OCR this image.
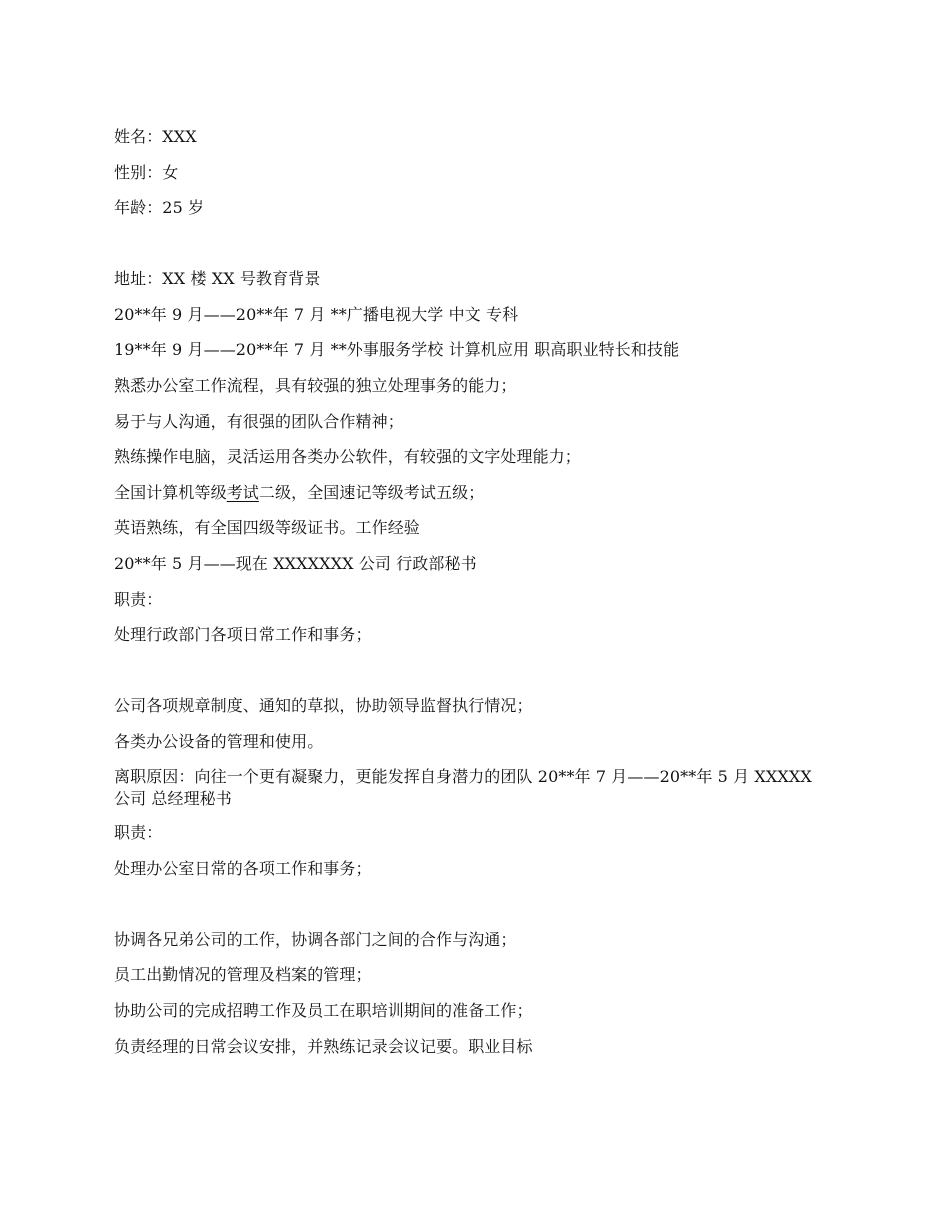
姓名：XXX
性别：女
年龄：25 岁
地址：XX 楼 XX 号教育背景
20**年 9 月——20**年 7 月 **广播电视大学 中文 专科
19**年 9 月——20**年 7 月 **外事服务学校 计算机应用 职高职业特长和技能
熟悉办公室工作流程，具有较强的独立处理事务的能力；
易于与人沟通，有很强的团队合作精神；
熟练操作电脑，灵活运用各类办公软件，有较强的文字处理能力；
全国计算机等级考试二级，全国速记等级考试五级；
英语熟练，有全国四级等级证书。工作经验
20**年 5 月——现在 XXXXXXX 公司 行政部秘书
职责：
处理行政部门各项日常工作和事务；
公司各项规章制度、通知的草拟，协助领导监督执行情况；
各类办公设备的管理和使用。
离职原因：向往一个更有凝聚力，更能发挥自身潜力的团队 20**年 7 月——20**年 5 月 XXXXX 公司 总经理秘书
职责：
处理办公室日常的各项工作和事务；
协调各兄弟公司的工作，协调各部门之间的合作与沟通；
员工出勤情况的管理及档案的管理；
协助公司的完成招聘工作及员工在职培训期间的准备工作；
负责经理的日常会议安排，并熟练记录会议记要。职业目标
